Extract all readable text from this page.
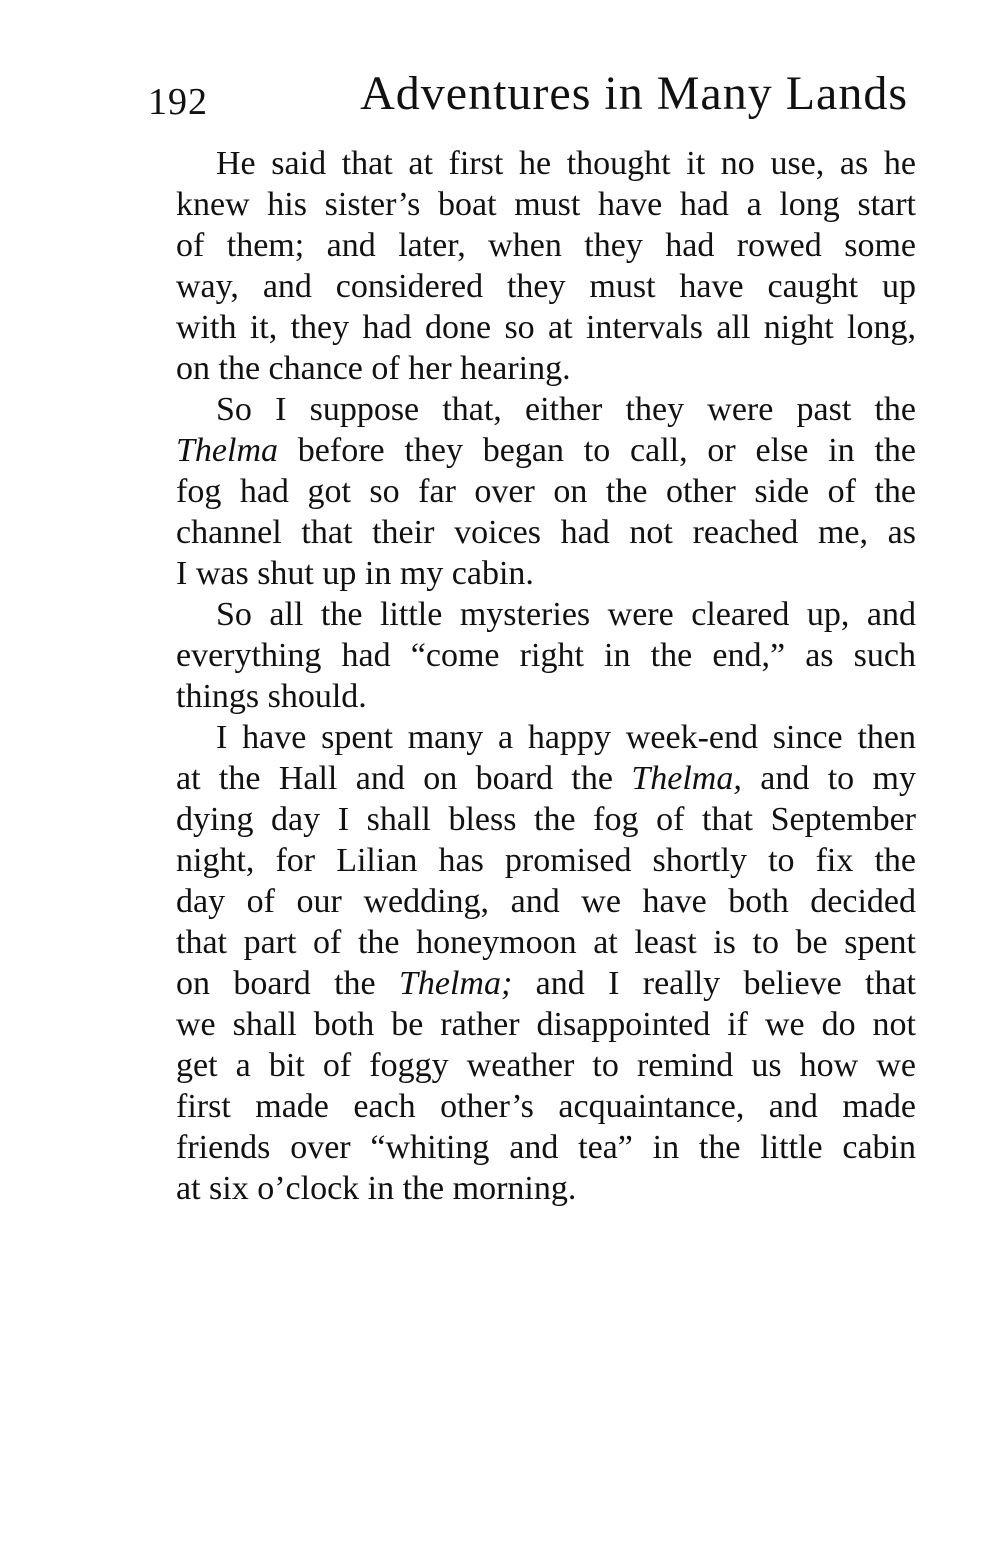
192	Adventures in Many Lands
He said that at first he thought it no use, as he
knew his sister’s boat must have had a long start
of them; and later, when they had rowed some
way, and considered they must have caught up
with it, they had done so at intervals all night long,
on the chance of her hearing.
So I suppose that, either they were past the
Thelma before they began to call, or else in the
fog had got so far over on the other side of the
channel that their voices had not reached me, as
I was shut up in my cabin.
So all the little mysteries were cleared up, and
everything had “come right in the end,” as such
things should.
I have spent many a happy week-end since then
at the Hall and on board the Thelma, and to my
dying day I shall bless the fog of that September
night, for Lilian has promised shortly to fix the
day of our wedding, and we have both decided
that part of the honeymoon at least is to be spent
on board the Thelma; and I really believe that
we shall both be rather disappointed if we do not
get a bit of foggy weather to remind us how we
first made each other’s acquaintance, and made
friends over “whiting and tea” in the little cabin
at six o’clock in the morning.
